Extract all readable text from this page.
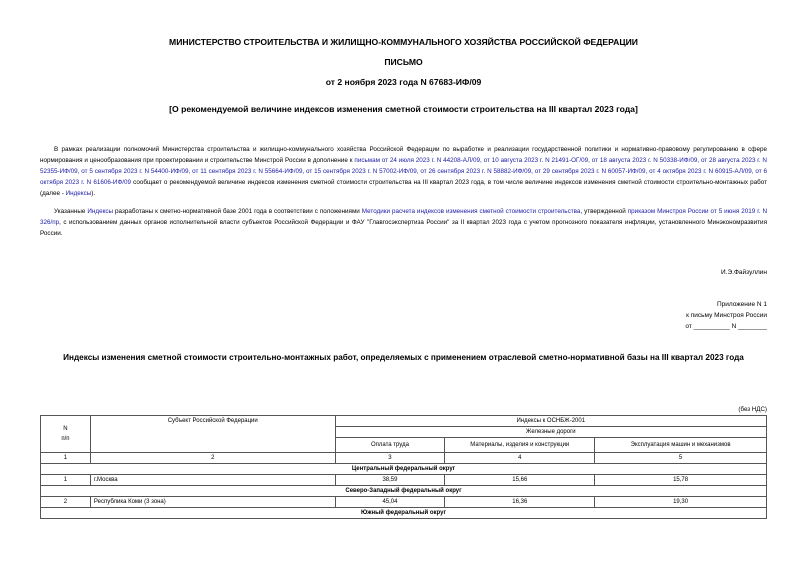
МИНИСТЕРСТВО СТРОИТЕЛЬСТВА И ЖИЛИЩНО-КОММУНАЛЬНОГО ХОЗЯЙСТВА РОССИЙСКОЙ ФЕДЕРАЦИИ
ПИСЬМО
от 2 ноября 2023 года N 67683-ИФ/09
[О рекомендуемой величине индексов изменения сметной стоимости строительства на III квартал 2023 года]
В рамках реализации полномочий Министерства строительства и жилищно-коммунального хозяйства Российской Федерации по выработке и реализации государственной политики и нормативно-правовому регулированию в сфере нормирования и ценообразования при проектировании и строительстве Минстрой России в дополнение к письмам от 24 июля 2023 г. N 44208-АЛ/09, от 10 августа 2023 г. N 21491-ОГ/09, от 18 августа 2023 г. N 50338-ИФ/09, от 28 августа 2023 г. N 52355-ИФ/09, от 5 сентября 2023 г. N 54400-ИФ/09, от 11 сентября 2023 г. N 55664-ИФ/09, от 15 сентября 2023 г. N 57002-ИФ/09, от 26 сентября 2023 г. N 58882-ИФ/09, от 29 сентября 2023 г. N 60057-ИФ/09, от 4 октября 2023 г. N 60915-АЛ/09, от 6 октября 2023 г. N 61606-ИФ/09 сообщает о рекомендуемой величине индексов изменения сметной стоимости строительства на III квартал 2023 года, в том числе величине индексов изменения сметной стоимости строительно-монтажных работ (далее - Индексы).
Указанные Индексы разработаны к сметно-нормативной базе 2001 года в соответствии с положениями Методики расчета индексов изменения сметной стоимости строительства, утвержденной приказом Минстроя России от 5 июня 2019 г. N 326/пр, с использованием данных органов исполнительной власти субъектов Российской Федерации и ФАУ "Главгосэкспертиза России" за II квартал 2023 года с учетом прогнозного показателя инфляции, установленного Минэкономразвития России.
И.Э.Файзуллин
Приложение N 1
к письму Минстроя России
от __________ N ________
Индексы изменения сметной стоимости строительно-монтажных работ, определяемых с применением отраслевой сметно-нормативной базы на III квартал 2023 года
(без НДС)
N
п/п	Субъект Российской Федерации	Индексы к ОСНБЖ-2001		
		Железные дороги		
		Оплата труда	Материалы, изделия и конструкции	Эксплуатация машин и механизмов
1	2	3	4	5
Центральный федеральный округ				
1	г.Москва	38,59	15,66	15,78
Северо-Западный федеральный округ				
2	Республика Коми (3 зона)	45,04	16,36	19,30
Южный федеральный округ				
